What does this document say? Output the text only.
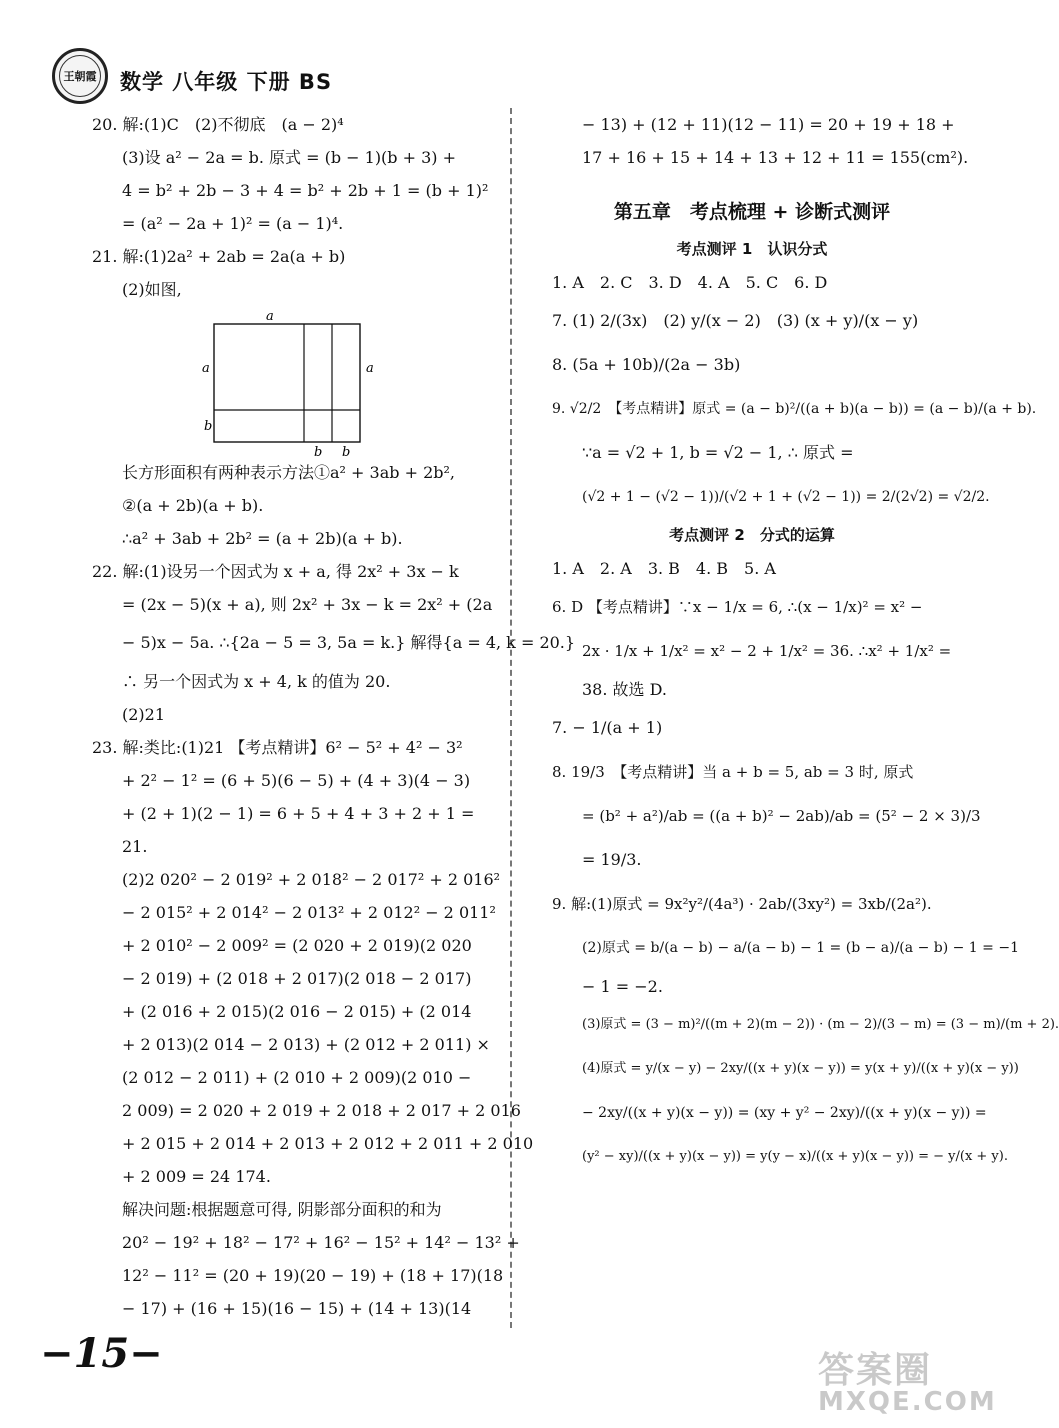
王朝霞 数学 八年级 下册 BS
20. 解:(1)C　(2)不彻底　(a − 2)⁴
(3)设 a² − 2a = b. 原式 = (b − 1)(b + 3) +
4 = b² + 2b − 3 + 4 = b² + 2b + 1 = (b + 1)²
= (a² − 2a + 1)² = (a − 1)⁴.
21. 解:(1)2a² + 2ab = 2a(a + b)
(2)如图,
长方形面积有两种表示方法①a² + 3ab + 2b²,
②(a + 2b)(a + b).
∴a² + 3ab + 2b² = (a + 2b)(a + b).
22. 解:(1)设另一个因式为 x + a, 得 2x² + 3x − k
= (2x − 5)(x + a), 则 2x² + 3x − k = 2x² + (2a
− 5)x − 5a. ∴{2a − 5 = 3, 5a = k.} 解得{a = 4, k = 20.}
∴ 另一个因式为 x + 4, k 的值为 20.
(2)21
23. 解:类比:(1)21 【考点精讲】6² − 5² + 4² − 3²
+ 2² − 1² = (6 + 5)(6 − 5) + (4 + 3)(4 − 3)
+ (2 + 1)(2 − 1) = 6 + 5 + 4 + 3 + 2 + 1 =
21.
(2)2 020² − 2 019² + 2 018² − 2 017² + 2 016²
− 2 015² + 2 014² − 2 013² + 2 012² − 2 011²
+ 2 010² − 2 009² = (2 020 + 2 019)(2 020
− 2 019) + (2 018 + 2 017)(2 018 − 2 017)
+ (2 016 + 2 015)(2 016 − 2 015) + (2 014
+ 2 013)(2 014 − 2 013) + (2 012 + 2 011) ×
(2 012 − 2 011) + (2 010 + 2 009)(2 010 −
2 009) = 2 020 + 2 019 + 2 018 + 2 017 + 2 016
+ 2 015 + 2 014 + 2 013 + 2 012 + 2 011 + 2 010
+ 2 009 = 24 174.
解决问题:根据题意可得, 阴影部分面积的和为
20² − 19² + 18² − 17² + 16² − 15² + 14² − 13² +
12² − 11² = (20 + 19)(20 − 19) + (18 + 17)(18
− 17) + (16 + 15)(16 − 15) + (14 + 13)(14
a
a	a
b
b b
− 13) + (12 + 11)(12 − 11) = 20 + 19 + 18 +
17 + 16 + 15 + 14 + 13 + 12 + 11 = 155(cm²).
第五章　考点梳理 + 诊断式测评
考点测评 1　认识分式
1. A　2. C　3. D　4. A　5. C　6. D
7. (1) 2/(3x)　(2) y/(x − 2)　(3) (x + y)/(x − y)
8. (5a + 10b)/(2a − 3b)
9. √2/2　【考点精讲】原式 = (a − b)²/((a + b)(a − b)) = (a − b)/(a + b).
∵a = √2 + 1, b = √2 − 1, ∴ 原式 =
(√2 + 1 − (√2 − 1))/(√2 + 1 + (√2 − 1)) = 2/(2√2) = √2/2.
考点测评 2　分式的运算
1. A　2. A　3. B　4. B　5. A
6. D 【考点精讲】∵x − 1/x = 6, ∴(x − 1/x)² = x² −
2x · 1/x + 1/x² = x² − 2 + 1/x² = 36. ∴x² + 1/x² =
38. 故选 D.
7. − 1/(a + 1)
8. 19/3　【考点精讲】当 a + b = 5, ab = 3 时, 原式
= (b² + a²)/ab = ((a + b)² − 2ab)/ab = (5² − 2 × 3)/3
= 19/3.
9. 解:(1)原式 = 9x²y²/(4a³) · 2ab/(3xy²) = 3xb/(2a²).
(2)原式 = b/(a − b) − a/(a − b) − 1 = (b − a)/(a − b) − 1 = −1
− 1 = −2.
(3)原式 = (3 − m)²/((m + 2)(m − 2)) · (m − 2)/(3 − m) = (3 − m)/(m + 2).
(4)原式 = y/(x − y) − 2xy/((x + y)(x − y)) = y(x + y)/((x + y)(x − y))
− 2xy/((x + y)(x − y)) = (xy + y² − 2xy)/((x + y)(x − y)) =
(y² − xy)/((x + y)(x − y)) = y(y − x)/((x + y)(x − y)) = − y/(x + y).
−15−	答案圈
MXQE.COM
